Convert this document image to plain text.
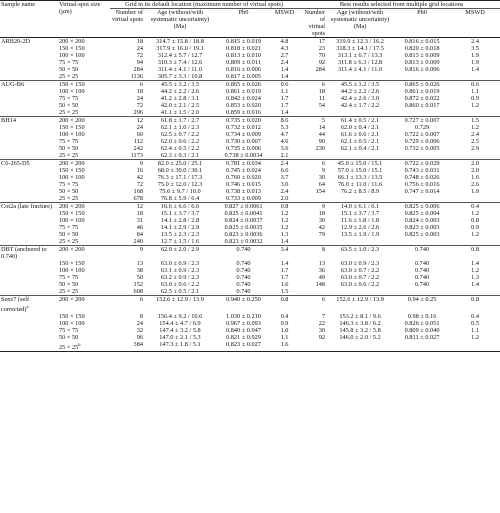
Sample name	Virtual-spot size (µm)	Grid in its default location (maximum number of virtual spots)				Best results selected from multiple grid locations			
		Number of virtual spots	Age (without/with systematic uncertainty) (Ma)	Pb0	MSWD	Number of virtual spots	Age (without/with systematic uncertainty) (Ma)	Pb0	MSWD
ARB20-2D	200 × 200	18	314.7 ± 15.8 / 18.8	0.815 ± 0.019	4.8	17	319.9 ± 12.3 / 16.2	0.816 ± 0.015	2.4
	150 × 150	24	317.9 ± 16.0 / 19.1	0.818 ± 0.021	4.3	23	318.3 ± 14.1 / 17.5	0.820 ± 0.018	3.5
	100 × 100	72	312.4 ± 5.7 / 12.7	0.813 ± 0.010	2.7	70	313.1 ± 6.7 / 13.3	0.813 ± 0.009	1.9
	75 × 75	94	310.3 ± 7.4 / 12.6	0.809 ± 0.011	2.4	92	311.8 ± 6.3 / 12.8	0.813 ± 0.009	1.9
	50 × 50	284	311.4 ± 4.1 / 11.0	0.816 ± 0.006	1.4	284	311.4 ± 4.1 / 11.0	0.816 ± 0.006	1.4
	25 × 25	1136	305.7 ± 3.3 / 10.8	0.817 ± 0.005	1.4				
AUG-B6	150 × 150	6	45.5 ± 3.2 / 3.5	0.865 ± 0.026	0.6	6	45.5 ± 3.2 / 3.5	0.865 ± 0.026	0.6
	100 × 100	18	44.2 ± 2.2 / 2.6	0.861 ± 0.019	1.1	18	44.2 ± 2.2 / 2.6	0.861 ± 0.019	1.1
	75 × 75	24	41.2 ± 2.8 / 3.1	0.842 ± 0.024	1.7	11	42.4 ± 2.6 / 3.0	0.872 ± 0.022	0.9
	50 × 50	72	42.0 ± 2.1 / 2.5	0.853 ± 0.020	1.7	54	42.4 ± 1.7 / 2.2	0.860 ± 0.017	1.2
	25 × 25	296	41.1 ± 1.5 / 2.0	0.859 ± 0.016	1.4				
BH14	200 × 200	12	61.8 ± 1.7 / 2.7	0.735 ± 0.020	8.6	5	61.4 ± 0.5 / 2.1	0.727 ± 0.007	1.5
	150 × 150	24	62.1 ± 1.0 / 2.3	0.732 ± 0.012	5.3	14	62.0 ± 0.4 / 2.1	0.729	1.2
	100 × 100	60	62.5 ± 0.7 / 2.2	0.734 ± 0.009	4.7	44	61.6 ± 0.6 / 2.1	0.722 ± 0.007	2.4
	75 × 75	112	62.0 ± 0.6 / 2.2	0.730 ± 0.007	4.6	90	62.1 ± 0.5 / 2.1	0.729 ± 0.006	2.5
	50 × 50	242	62.4 ± 0.5 / 2.2	0.735 ± 0.006	3.6	230	62.1 ± 0.4 / 2.1	0.732 ± 0.005	2.9
	25 × 25	1173	62.3 ± 0.3 / 2.1	0.738 ± 0.0034	2.1				
C6-265-D5	200 × 200	9	82.0 ± 25.0 / 25.1	0.781 ± 0.034	2.4	6	45.0 ± 15.0 / 15.1	0.722 ± 0.029	2.0
	150 × 150	16	68.0 ± 30.0 / 30.1	0.745 ± 0.024	6.6	9	57.0 ± 15.0 / 15.1	0.743 ± 0.031	2.0
	100 × 100	42	76.3 ± 17.1 / 17.3	0.760 ± 0.020	3.7	30	66.1 ± 13.3 / 13.5	0.748 ± 0.026	1.6
	75 × 75	72	75.0 ± 12.0 / 12.3	0.746 ± 0.015	3.0	64	76.0 ± 11.0 / 11.6	0.756 ± 0.016	2.6
	50 × 50	168	75.6 ± 9.7 / 10.0	0.738 ± 0.013	2.4	154	76.2 ± 8.5 / 8.9	0.747 ± 0.014	1.9
	25 × 25	678	76.8 ± 5.9 / 6.4	0.733 ± 0.009	2.0				
Cot2a (late fracture)	200 × 200	12	16.6 ± 6.6 / 6.6	0.827 ± 0.0061	0.8	9	14.0 ± 6.1 / 6.1	0.825 ± 0.006	0.4
	150 × 150	18	15.1 ± 3.7 / 3.7	0.825 ± 0.0041	1.2	18	15.1 ± 3.7 / 3.7	0.825 ± 0.004	1.2
	100 × 100	31	14.1 ± 2.8 / 2.8	0.824 ± 0.0037	1.2	30	11.6 ± 1.8 / 1.8	0.824 ± 0.003	0.8
	75 × 75	46	14.1 ± 2.9 / 2.9	0.825 ± 0.0035	1.2	42	12.9 ± 2.6 / 2.6	0.823 ± 0.003	0.9
	50 × 50	84	13.5 ± 2.3 / 2.3	0.823 ± 0.0036	1.3	79	13.5 ± 1.9 / 1.9	0.825 ± 0.003	1.2
	25 × 25	240	12.7 ± 1.5 / 1.6	0.823 ± 0.0032	1.4				
DBT (anchored to 0.740)	200 × 200	9	62.9 ± 2.0 / 2.9	0.740	3.4	8	63.5 ± 1.0 / 2.3	0.740	0.8
	150 × 150	13	63.0 ± 0.9 / 2.3	0.740	1.4	13	63.0 ± 0.9 / 2.3	0.740	1.4
	100 × 100	38	63.1 ± 0.9 / 2.3	0.740	1.7	36	63.0 ± 0.7 / 2.2	0.740	1.2
	75 × 75	50	63.2 ± 0.9 / 2.3	0.740	1.7	49	63.0 ± 0.7 / 2.2	0.740	1.3
	50 × 50	152	63.0 ± 0.6 / 2.2	0.740	1.6	148	63.0 ± 0.6 / 2.2	0.740	1.4
	25 × 25	608	62.5 ± 0.5 / 2.1	0.740	1.5				
Senz7 (self corrected)$^a$	200 × 200	6	152.6 ± 12.9 / 13.9	0.940 ± 0.250	0.8	6	152.6 ± 12.9 / 13.9	0.94 ± 0.25	0.8
	150 × 150	8	156.4 ± 9.2 / 10.6	1.030 ± 0.210	0.4	7	153.2 ± 8.1 / 9.6	0.98 ± 0.16	0.4
	100 × 100	24	154.4 ± 4.7 / 6.9	0.967 ± 0.093	0.9	22	146.3 ± 3.8 / 6.2	0.826 ± 0.051	0.5
	75 × 75	32	147.4 ± 3.2 / 5.8	0.840 ± 0.047	1.0	30	145.8 ± 3.2 / 5.8	0.809 ± 0.040	1.1
	50 × 50	96	147.0 ± 2.1 / 5.3	0.821 ± 0.029	1.1	92	146.0 ± 2.0 / 5.2	0.811 ± 0.027	1.2
	$25 \times 25^b$	384	147.3 ± 1.8 / 5.1	0.823 ± 0.027	1.6				
